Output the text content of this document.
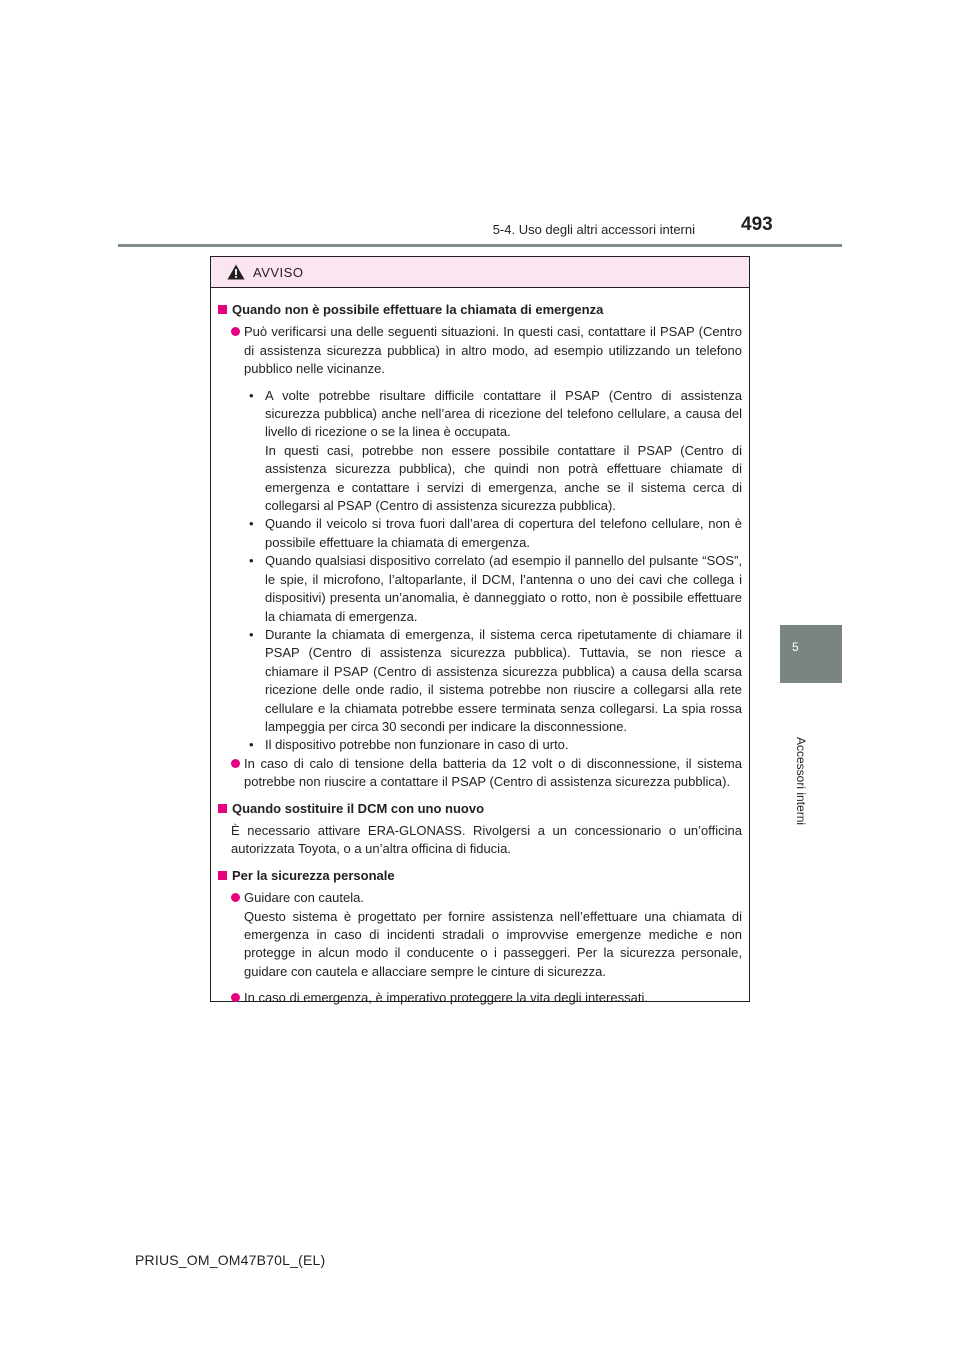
5-4. Uso degli altri accessori interni 493
5
Accessori interni
AVVISO
Quando non è possibile effettuare la chiamata di emergenza
Può verificarsi una delle seguenti situazioni. In questi casi, contattare il PSAP (Centro di assistenza sicurezza pubblica) in altro modo, ad esempio utilizzando un telefono pubblico nelle vicinanze.
• A volte potrebbe risultare difficile contattare il PSAP (Centro di assistenza sicurezza pubblica) anche nell’area di ricezione del telefono cellulare, a causa del livello di ricezione o se la linea è occupata.
In questi casi, potrebbe non essere possibile contattare il PSAP (Centro di assistenza sicurezza pubblica), che quindi non potrà effettuare chiamate di emergenza e contattare i servizi di emergenza, anche se il sistema cerca di collegarsi al PSAP (Centro di assistenza sicurezza pubblica).
• Quando il veicolo si trova fuori dall’area di copertura del telefono cellulare, non è possibile effettuare la chiamata di emergenza.
• Quando qualsiasi dispositivo correlato (ad esempio il pannello del pulsante “SOS”, le spie, il microfono, l’altoparlante, il DCM, l’antenna o uno dei cavi che collega i dispositivi) presenta un’anomalia, è danneggiato o rotto, non è possibile effettuare la chiamata di emergenza.
• Durante la chiamata di emergenza, il sistema cerca ripetutamente di chiamare il PSAP (Centro di assistenza sicurezza pubblica). Tuttavia, se non riesce a chiamare il PSAP (Centro di assistenza sicurezza pubblica) a causa della scarsa ricezione delle onde radio, il sistema potrebbe non riuscire a collegarsi alla rete cellulare e la chiamata potrebbe essere terminata senza collegarsi. La spia rossa lampeggia per circa 30 secondi per indicare la disconnessione.
• Il dispositivo potrebbe non funzionare in caso di urto.
In caso di calo di tensione della batteria da 12 volt o di disconnessione, il sistema potrebbe non riuscire a contattare il PSAP (Centro di assistenza sicurezza pubblica).
Quando sostituire il DCM con uno nuovo
È necessario attivare ERA-GLONASS. Rivolgersi a un concessionario o un’officina autorizzata Toyota, o a un’altra officina di fiducia.
Per la sicurezza personale
Guidare con cautela.
Questo sistema è progettato per fornire assistenza nell’effettuare una chiamata di emergenza in caso di incidenti stradali o improvvise emergenze mediche e non protegge in alcun modo il conducente o i passeggeri. Per la sicurezza personale, guidare con cautela e allacciare sempre le cinture di sicurezza.
In caso di emergenza, è imperativo proteggere la vita degli interessati.
PRIUS_OM_OM47B70L_(EL)
